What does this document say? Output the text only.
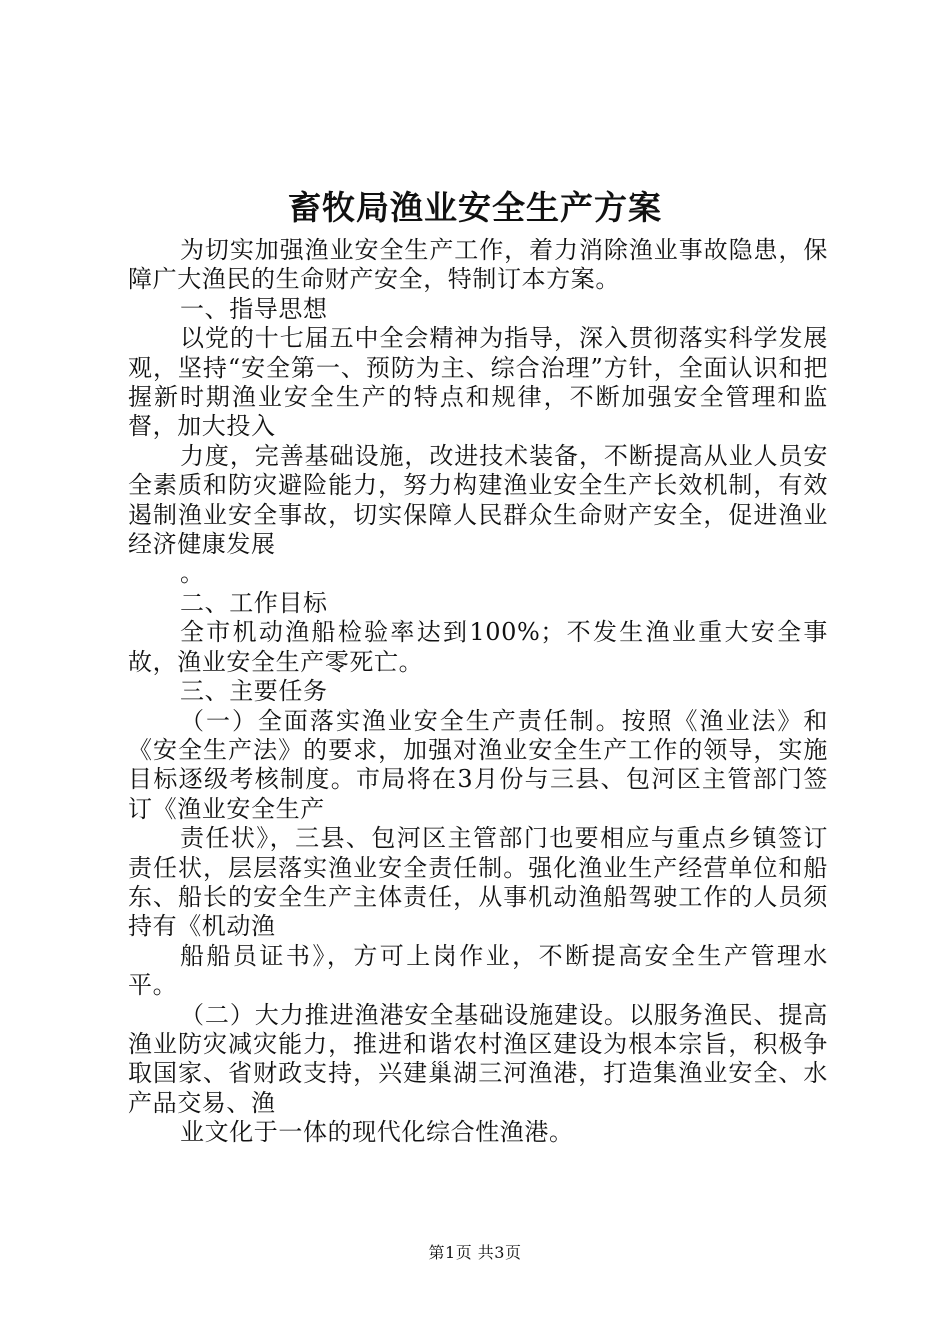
畜牧局渔业安全生产方案

为切实加强渔业安全生产工作，着力消除渔业事故隐患，保障广大渔民的生命财产安全，特制订本方案。

一、指导思想

以党的十七届五中全会精神为指导，深入贯彻落实科学发展观，坚持“安全第一、预防为主、综合治理”方针，全面认识和把握新时期渔业安全生产的特点和规律，不断加强安全管理和监督，加大投入

力度，完善基础设施，改进技术装备，不断提高从业人员安全素质和防灾避险能力，努力构建渔业安全生产长效机制，有效遏制渔业安全事故，切实保障人民群众生命财产安全，促进渔业经济健康发展

。

二、工作目标

全市机动渔船检验率达到100%；不发生渔业重大安全事故，渔业安全生产零死亡。

三、主要任务

（一）全面落实渔业安全生产责任制。按照《渔业法》和《安全生产法》的要求，加强对渔业安全生产工作的领导，实施目标逐级考核制度。市局将在3月份与三县、包河区主管部门签订《渔业安全生产

责任状》，三县、包河区主管部门也要相应与重点乡镇签订责任状，层层落实渔业安全责任制。强化渔业生产经营单位和船东、船长的安全生产主体责任，从事机动渔船驾驶工作的人员须持有《机动渔

船船员证书》，方可上岗作业，不断提高安全生产管理水平。

（二）大力推进渔港安全基础设施建设。以服务渔民、提高渔业防灾减灾能力，推进和谐农村渔区建设为根本宗旨，积极争取国家、省财政支持，兴建巢湖三河渔港，打造集渔业安全、水产品交易、渔

业文化于一体的现代化综合性渔港。

第1页 共3页
